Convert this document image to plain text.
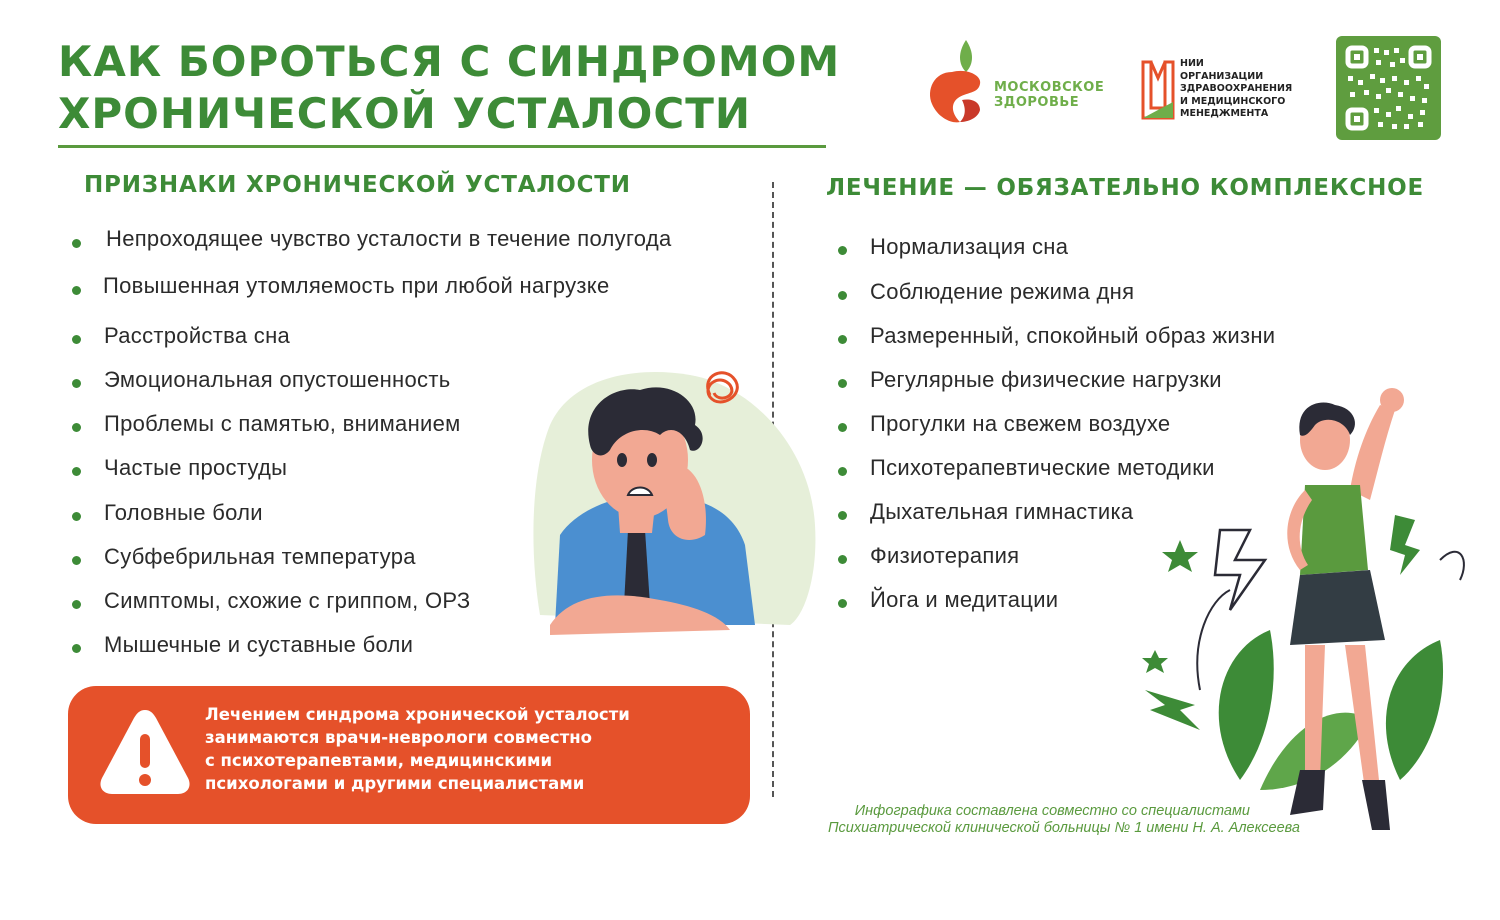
КАК БОРОТЬСЯ С СИНДРОМОМ
ХРОНИЧЕСКОЙ УСТАЛОСТИ
МОСКОВСКОЕ
ЗДОРОВЬЕ
НИИ
ОРГАНИЗАЦИИ
ЗДРАВООХРАНЕНИЯ
И МЕДИЦИНСКОГО
МЕНЕДЖМЕНТА
ПРИЗНАКИ ХРОНИЧЕСКОЙ УСТАЛОСТИ	ЛЕЧЕНИЕ — ОБЯЗАТЕЛЬНО КОМПЛЕКСНОЕ
Непроходящее чувство усталости в течение полугода
Повышенная утомляемость при любой нагрузке
Расстройства сна
Эмоциональная опустошенность
Проблемы с памятью, вниманием
Частые простуды
Головные боли
Субфебрильная температура
Симптомы, схожие с гриппом, ОРЗ
Мышечные и суставные боли
Нормализация сна
Соблюдение режима дня
Размеренный, спокойный образ жизни
Регулярные физические нагрузки
Прогулки на свежем воздухе
Психотерапевтические методики
Дыхательная гимнастика
Физиотерапия
Йога и медитации
Лечением синдрома хронической усталости
занимаются врачи-неврологи совместно
с психотерапевтами, медицинскими
психологами и другими специалистами
Инфографика составлена совместно со специалистами
Психиатрической клинической больницы № 1 имени Н. А. Алексеева
